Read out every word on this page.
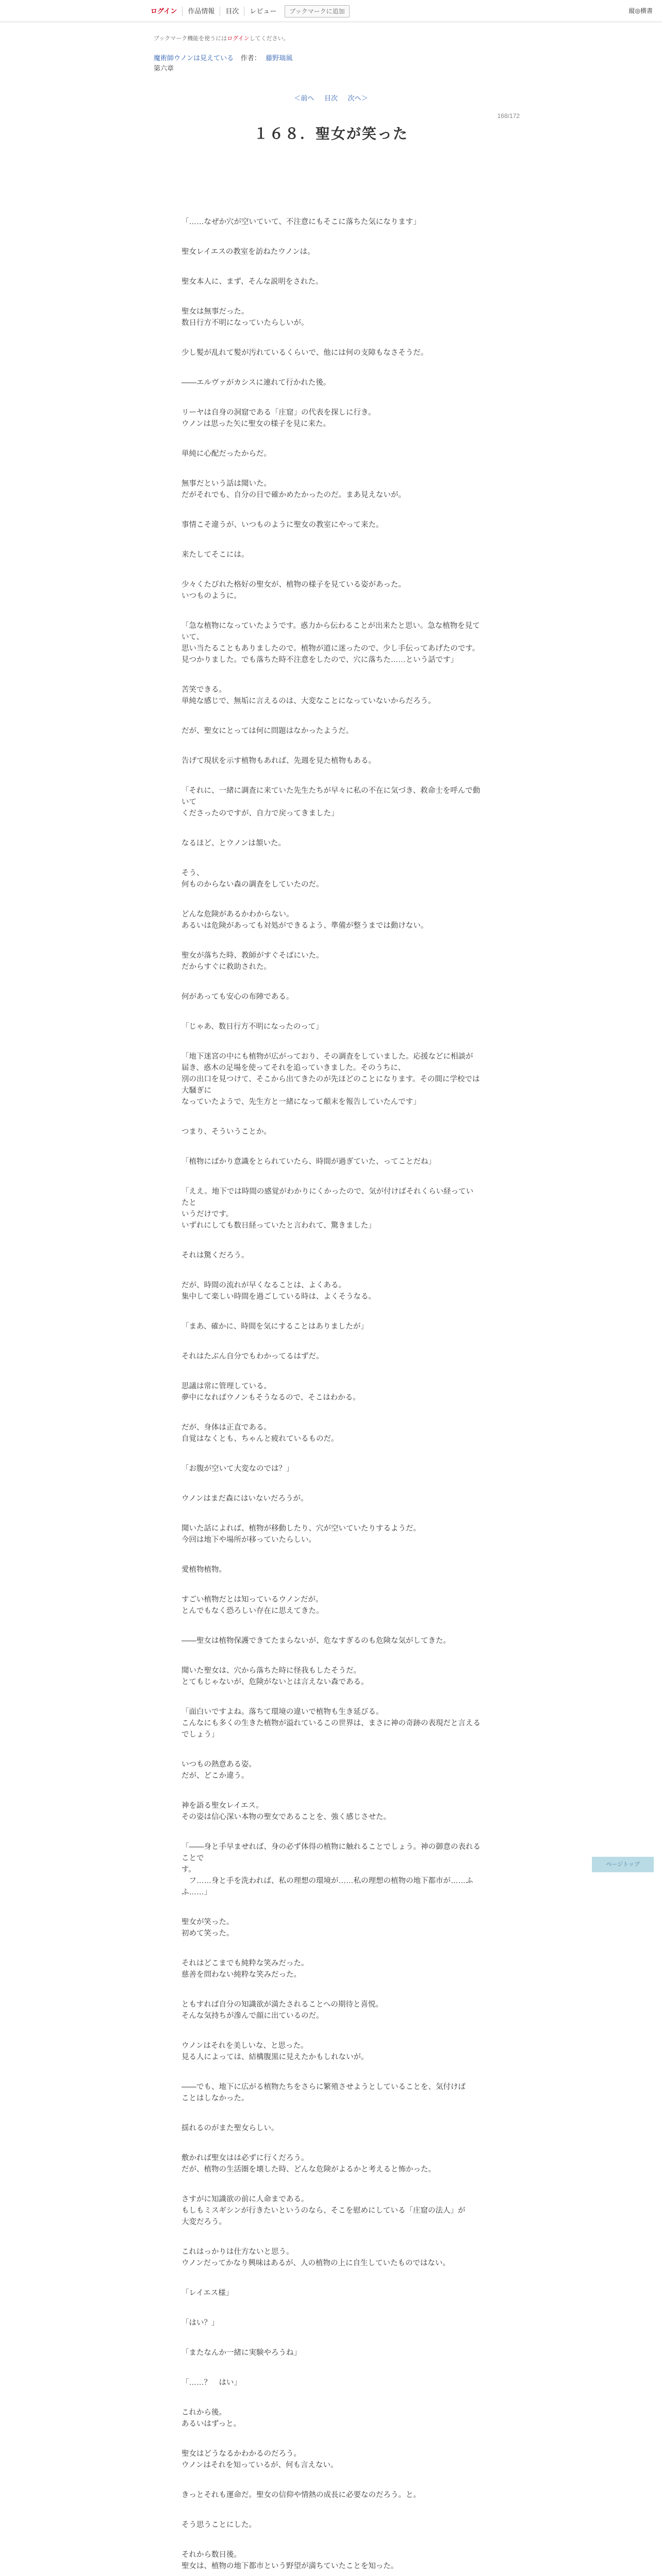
ログイン	作品情報	目次	レビュー	ブックマークに追加	縦◎横書
ブックマーク機能を使うにはログインしてください。
魔術師ウノンは見えている 作者： 藤野瑞風
第六章
＜前へ 目次 次へ＞
168/172
１６８．聖女が笑った

「……なぜか穴が空いていて、不注意にもそこに落ちた気になります」

聖女レイエスの教室を訪ねたウノンは。

聖女本人に、まず、そんな説明をされた。

聖女は無事だった。
数日行方不明になっていたらしいが。

少し髪が乱れて髪が汚れているくらいで、他には何の支障もなさそうだ。

――エルヴァがカシスに連れて行かれた後。

リーヤは自身の洞窟である「庄窟」の代表を探しに行き。
ウノンは思った矢に聖女の様子を見に来た。

単純に心配だったからだ。

無事だという話は聞いた。
だがそれでも、自分の目で確かめたかったのだ。まあ見えないが。

事情こそ違うが、いつものように聖女の教室にやって来た。

来たしてそこには。

少々くたびれた格好の聖女が、植物の様子を見ている姿があった。
いつものように。

「急な植物になっていたようです。惑力から伝わることが出来たと思い。急な植物を見ていて、
思い当たることもありましたので。植物が道に迷ったので、少し手伝ってあげたのです。
見つかりました。でも落ちた時不注意をしたので、穴に落ちた……という話です」

苦笑できる。
単純な感じで、無垢に言えるのは、大変なことになっていないからだろう。

だが、聖女にとっては何に問題はなかったようだ。

告げて現状を示す植物もあれば、先週を見た植物もある。

「それに、一緒に調査に来ていた先生たちが早々に私の不在に気づき、救命士を呼んで動いて
くださったのですが、自力で戻ってきました」

なるほど、とウノンは頷いた。

そう、
何ものからない森の調査をしていたのだ。

どんな危険があるかわからない。
あるいは危険があっても対処ができるよう、準備が整うまでは動けない。

聖女が落ちた時、教師がすぐそばにいた。
だからすぐに救助された。

何があっても安心の布陣である。

「じゃあ、数日行方不明になったのって」

「地下迷宮の中にも植物が広がっており、その調査をしていました。応援などに相談が
届き、惑木の足場を使ってそれを追っていきました。そのうちに、
別の出口を見つけて、そこから出てきたのが先ほどのことになります。その間に学校では大騒ぎに
なっていたようで、先生方と一緒になって顛末を報告していたんです」

つまり、そういうことか。

「植物にばかり意識をとられていたら、時間が過ぎていた、ってことだね」

「ええ。地下では時間の感覚がわかりにくかったので、気が付けばそれくらい経っていたと
いうだけです。
いずれにしても数日経っていたと言われて、驚きました」

それは驚くだろう。

だが、時間の流れが早くなることは、よくある。
集中して楽しい時間を過ごしている時は、よくそうなる。

「まあ、確かに、時間を気にすることはありましたが」

それはたぶん自分でもわかってるはずだ。

思議は常に管理している。
夢中になればウノンもそうなるので、そこはわかる。

だが、身体は正直である。
自覚はなくとも、ちゃんと疲れているものだ。

「お腹が空いて大変なのでは？」

ウノンはまだ森にはいないだろうが。

聞いた話によれば、植物が移動したり、穴が空いていたりするようだ。
今回は地下や場所が移っていたらしい。

愛植物植物。

すごい植物だとは知っているウノンだが。
とんでもなく恐ろしい存在に思えてきた。

――聖女は植物保護できてたまらないが、危なすぎるのも危険な気がしてきた。

聞いた聖女は、穴から落ちた時に怪我もしたそうだ。
とてもじゃないが、危険がないとは言えない森である。

「面白いですよね。落ちて環境の違いで植物も生き延びる。
こんなにも多くの生きた植物が溢れているこの世界は、まさに神の奇跡の表現だと言えるでしょう」

いつもの熱意ある姿。
だが、どこか違う。

神を語る聖女レイエス。
その姿は信心深い本物の聖女であることを、強く感じさせた。

「――身と手早ませれば、身の必ず体得の植物に触れることでしょう。神の御意の表れることで
す。
　フ……身と手を洗われば、私の理想の環境が……私の理想の植物の地下都市が……ふふ……」

聖女が笑った。
初めて笑った。

それはどこまでも純粋な笑みだった。
慈善を問わない純粋な笑みだった。

ともすれば自分の知識欲が満たされることへの期待と喜悦。
そんな気持ちが滲んで顔に出ているのだ。

ウノンはそれを美しいな、と思った。
見る人によっては、結構腹黒に見えたかもしれないが。

――でも、地下に広がる植物たちをさらに繁殖させようとしていることを、気付けば
ことはしなかった。

揺れるのがまた聖女らしい。

敷かれば聖女はは必ずに行くだろう。
だが、植物の生活圏を壊した時、どんな危険がよるかと考えると怖かった。

さすがに知識欲の前に人命まである。
もしもミスギシンが行きたいというのなら、そこを慰めにしている「庄窟の法人」が
大変だろう。

これはっかりは仕方ないと思う。
ウノンだってかなり興味はあるが、人の植物の上に自生していたものではない。

「レイエス様」

「はい？」

「またなんか一緒に実験やろうね」

「……？　はい」

これから後。
あるいはずっと。

聖女はどうなるかわかるのだろう。
ウノンはそれを知っているが、何も言えない。

きっとそれも運命だ。聖女の信仰や情熱の成長に必要なのだろう。と。

そう思うことにした。

それから数日後。
聖女は、植物の地下都市という野望が満ちていたことを知った。

ページトップ
